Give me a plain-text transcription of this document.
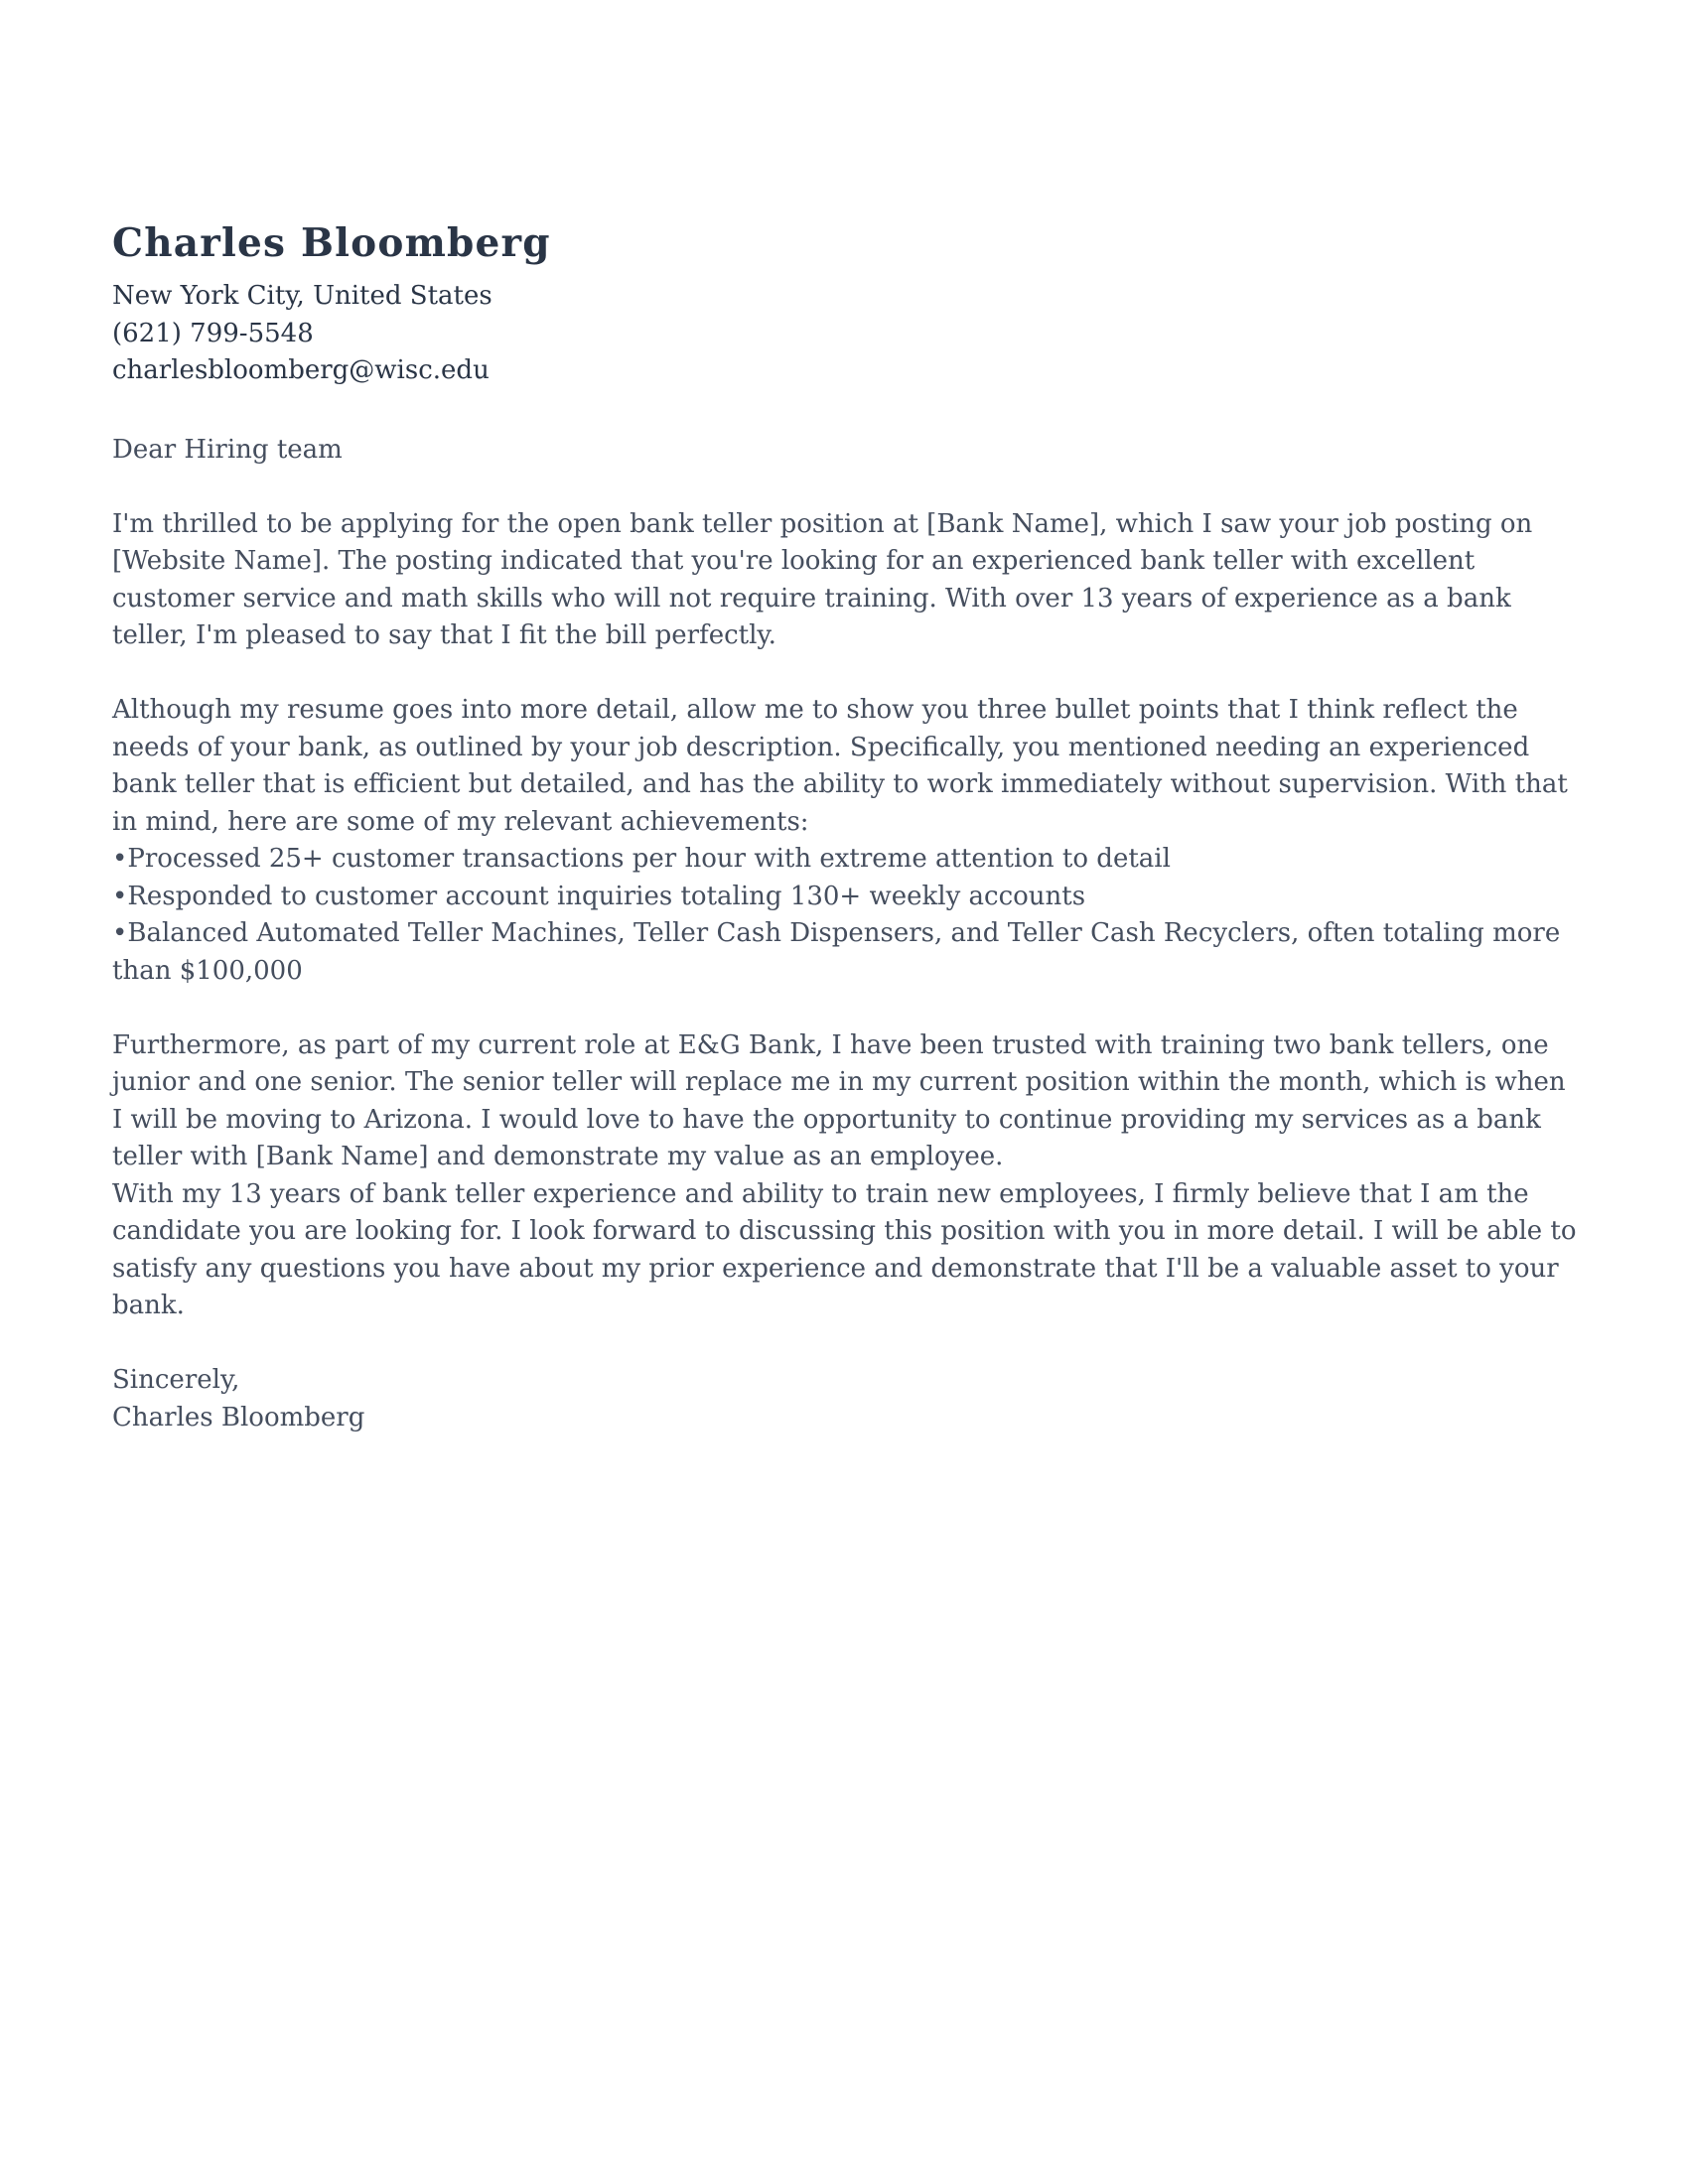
Charles Bloomberg
New York City, United States
(621) 799-5548
charlesbloomberg@wisc.edu
Dear Hiring team

I'm thrilled to be applying for the open bank teller position at [Bank Name], which I saw your job posting on [Website Name]. The posting indicated that you're looking for an experienced bank teller with excellent customer service and math skills who will not require training. With over 13 years of experience as a bank teller, I'm pleased to say that I fit the bill perfectly.

Although my resume goes into more detail, allow me to show you three bullet points that I think reflect the needs of your bank, as outlined by your job description. Specifically, you mentioned needing an experienced bank teller that is efficient but detailed, and has the ability to work immediately without supervision. With that in mind, here are some of my relevant achievements:

• Processed 25+ customer transactions per hour with extreme attention to detail
• Responded to customer account inquiries totaling 130+ weekly accounts
• Balanced Automated Teller Machines, Teller Cash Dispensers, and Teller Cash Recyclers, often totaling more than $100,000

Furthermore, as part of my current role at E&G Bank, I have been trusted with training two bank tellers, one junior and one senior. The senior teller will replace me in my current position within the month, which is when I will be moving to Arizona. I would love to have the opportunity to continue providing my services as a bank teller with [Bank Name] and demonstrate my value as an employee.

With my 13 years of bank teller experience and ability to train new employees, I firmly believe that I am the candidate you are looking for. I look forward to discussing this position with you in more detail. I will be able to satisfy any questions you have about my prior experience and demonstrate that I'll be a valuable asset to your bank.

Sincerely,
Charles Bloomberg
